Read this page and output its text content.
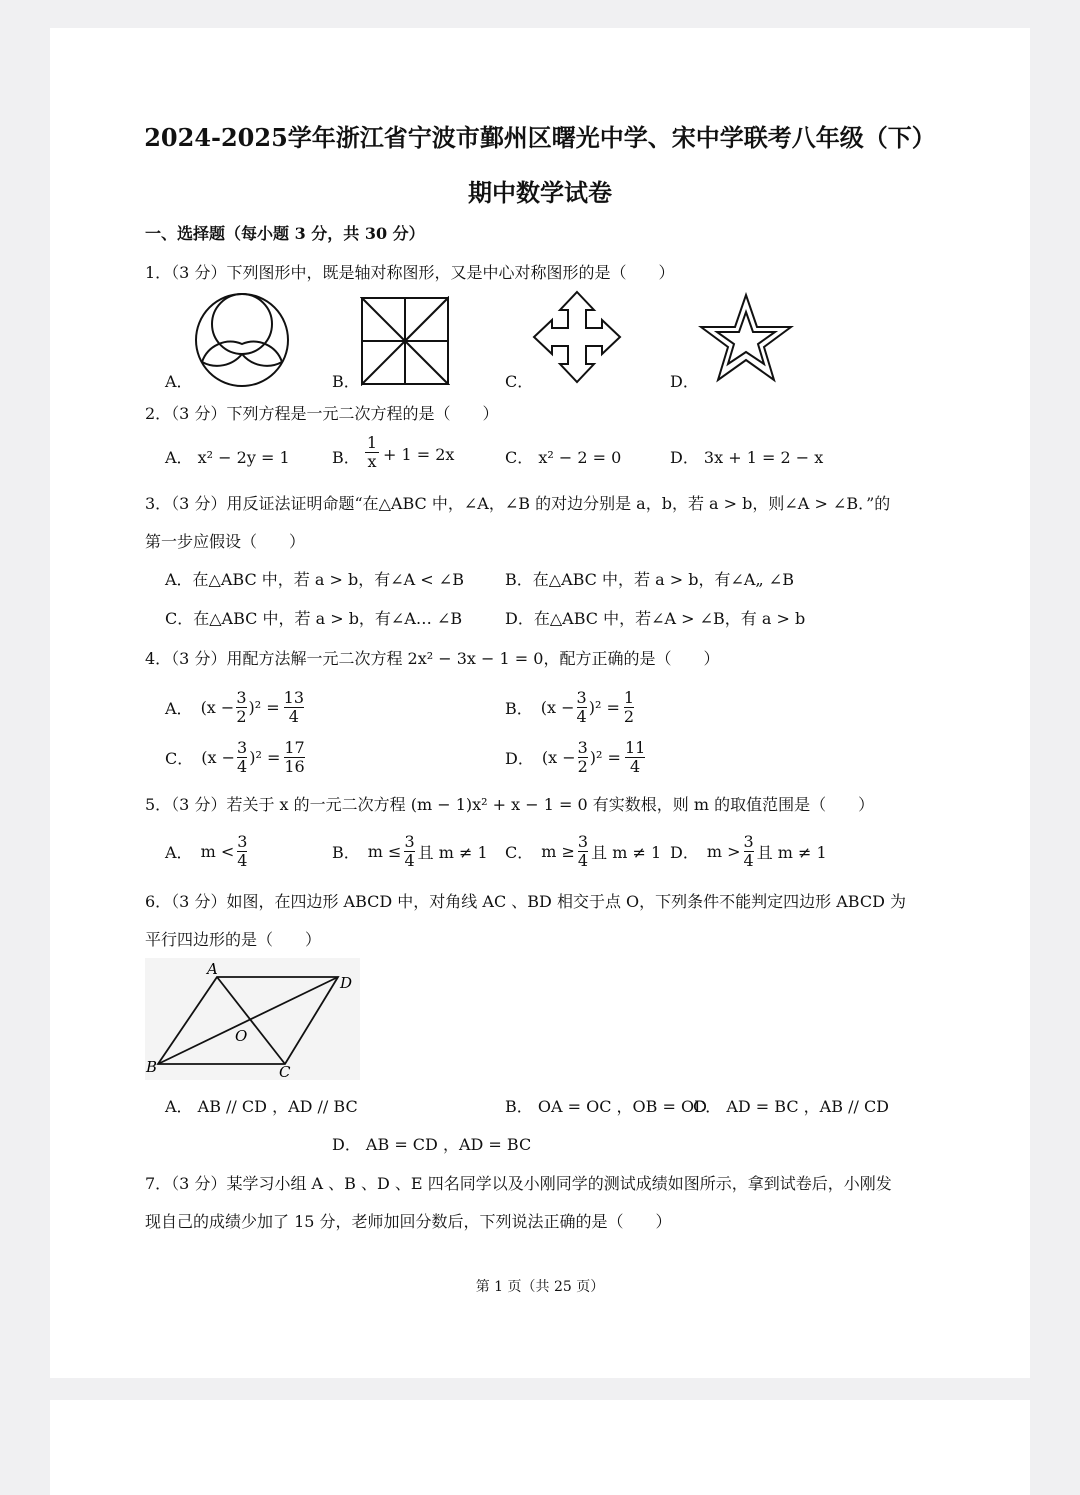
2024-2025学年浙江省宁波市鄞州区曙光中学、宋中学联考八年级（下）
期中数学试卷
一、选择题（每小题 3 分，共 30 分）
1．（3 分）下列图形中，既是轴对称图形，又是中心对称图形的是（　　）
A．	B．	C．	D．
2．（3 分）下列方程是一元二次方程的是（　　）
A． x² − 2y = 1	B． $\frac{1}{x} + 1 = 2x$	C． x² − 2 = 0	D． 3x + 1 = 2 − x
3．（3 分）用反证法证明命题“在△ABC 中，∠A，∠B 的对边分别是 a，b，若 a > b，则∠A > ∠B．”的
第一步应假设（　　）
A．在△ABC 中，若 a > b，有∠A < ∠B	B．在△ABC 中，若 a > b，有∠A„ ∠B
C．在△ABC 中，若 a > b，有∠A… ∠B	D．在△ABC 中，若∠A > ∠B，有 a > b
4．（3 分）用配方法解一元二次方程 2x² − 3x − 1 = 0，配方正确的是（　　）
A． $(x - \frac{3}{2} )^2 = \frac{13}{4}$	B． $(x - \frac{3}{4} )^2 = \frac{1}{2}$
C． $(x - \frac{3}{4} )^2 = \frac{17}{16}$	D． $(x - \frac{3}{2} )^2 = \frac{11}{4}$
5．（3 分）若关于 x 的一元二次方程 (m − 1)x² + x − 1 = 0 有实数根，则 m 的取值范围是（　　）
A． $m < \frac{3}{4}$	B． $m \le \frac{3}{4}$ 且 m ≠ 1 C． $m \ge \frac{3}{4}$ 且 m ≠ 1 D． $m > \frac{3}{4}$ 且 m ≠ 1
6．（3 分）如图，在四边形 ABCD 中，对角线 AC 、BD 相交于点 O，下列条件不能判定四边形 ABCD 为
平行四边形的是（　　）
A
D
B	C
O
A． AB // CD ，AD // BC	B． OA = OC ，OB = OD
C． AD = BC ，AB // CD
D． AB = CD ，AD = BC
7．（3 分）某学习小组 A 、B 、D 、E 四名同学以及小刚同学的测试成绩如图所示，拿到试卷后，小刚发
现自己的成绩少加了 15 分，老师加回分数后，下列说法正确的是（　　）
第 1 页（共 25 页）
